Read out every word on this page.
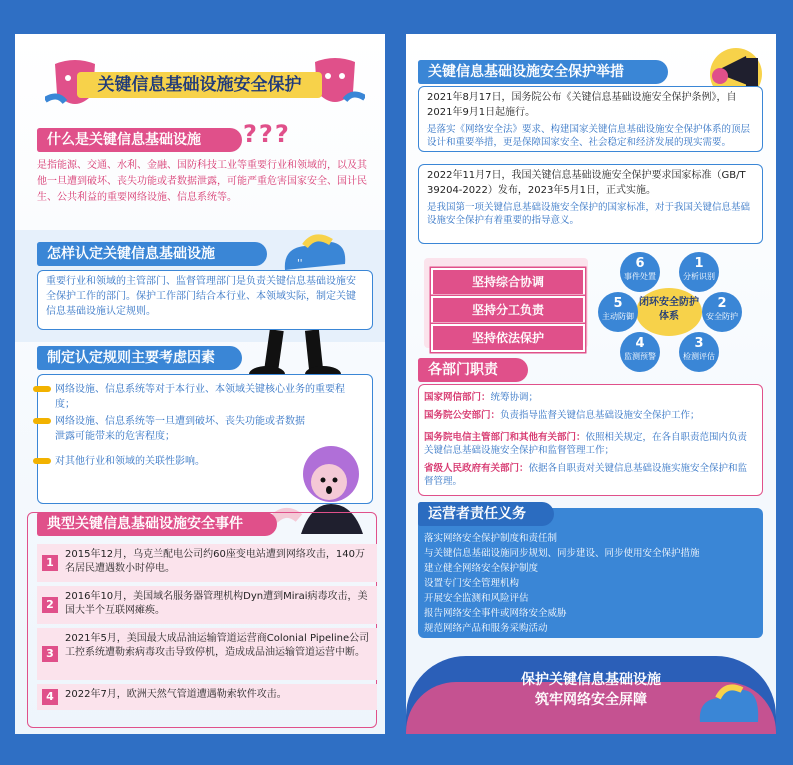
关键信息基础设施安全保护
什么是关键信息基础设施	???
是指能源、交通、水利、金融、国防科技工业等重要行业和领域的，以及其他一旦遭到破坏、丧失功能或者数据泄露，可能严重危害国家安全、国计民生、公共利益的重要网络设施、信息系统等。
怎样认定关键信息基础设施
ꞌꞌ
重要行业和领域的主管部门、监督管理部门是负责关键信息基础设施安全保护工作的部门。保护工作部门结合本行业、本领域实际，制定关键信息基础设施认定规则。
制定认定规则主要考虑因素
网络设施、信息系统等对于本行业、本领域关键核心业务的重要程度；
网络设施、信息系统等一旦遭到破坏、丧失功能或者数据泄露可能带来的危害程度；
对其他行业和领域的关联性影响。
典型关键信息基础设施安全事件
1
2015年12月，乌克兰配电公司约60座变电站遭到网络攻击，140万名居民遭遇数小时停电。
2
2016年10月，美国域名服务器管理机构Dyn遭到Mirai病毒攻击，美国大半个互联网瘫痪。
3
2021年5月，美国最大成品油运输管道运营商Colonial Pipeline公司工控系统遭勒索病毒攻击导致停机，造成成品油运输管道运营中断。
4	2022年7月，欧洲天然气管道遭遇勒索软件攻击。
关键信息基础设施安全保护举措
2021年8月17日，国务院公布《关键信息基础设施安全保护条例》，自2021年9月1日起施行。
是落实《网络安全法》要求、构建国家关键信息基础设施安全保护体系的顶层设计和重要举措，更是保障国家安全、社会稳定和经济发展的现实需要。
2022年11月7日，我国关键信息基础设施安全保护要求国家标准（GB/T 39204-2022）发布，2023年5月1日，正式实施。
是我国第一项关键信息基础设施安全保护的国家标准，对于我国关键信息基础设施安全保护有着重要的指导意义。
坚持综合协调
坚持分工负责
坚持依法保护
闭环安全防护体系
1
分析识别
2
安全防护
3
检测评估
4
监测预警
5
主动防御
6
事件处置
各部门职责
国家网信部门：统筹协调；
国务院公安部门：负责指导监督关键信息基础设施安全保护工作；
国务院电信主管部门和其他有关部门：依照相关规定，在各自职责范围内负责关键信息基础设施安全保护和监督管理工作；
省级人民政府有关部门：依据各自职责对关键信息基础设施实施安全保护和监督管理。
运营者责任义务
落实网络安全保护制度和责任制
与关键信息基础设施同步规划、同步建设、同步使用安全保护措施
建立健全网络安全保护制度
设置专门安全管理机构
开展安全监测和风险评估
报告网络安全事件或网络安全威胁
规范网络产品和服务采购活动
保护关键信息基础设施
筑牢网络安全屏障
